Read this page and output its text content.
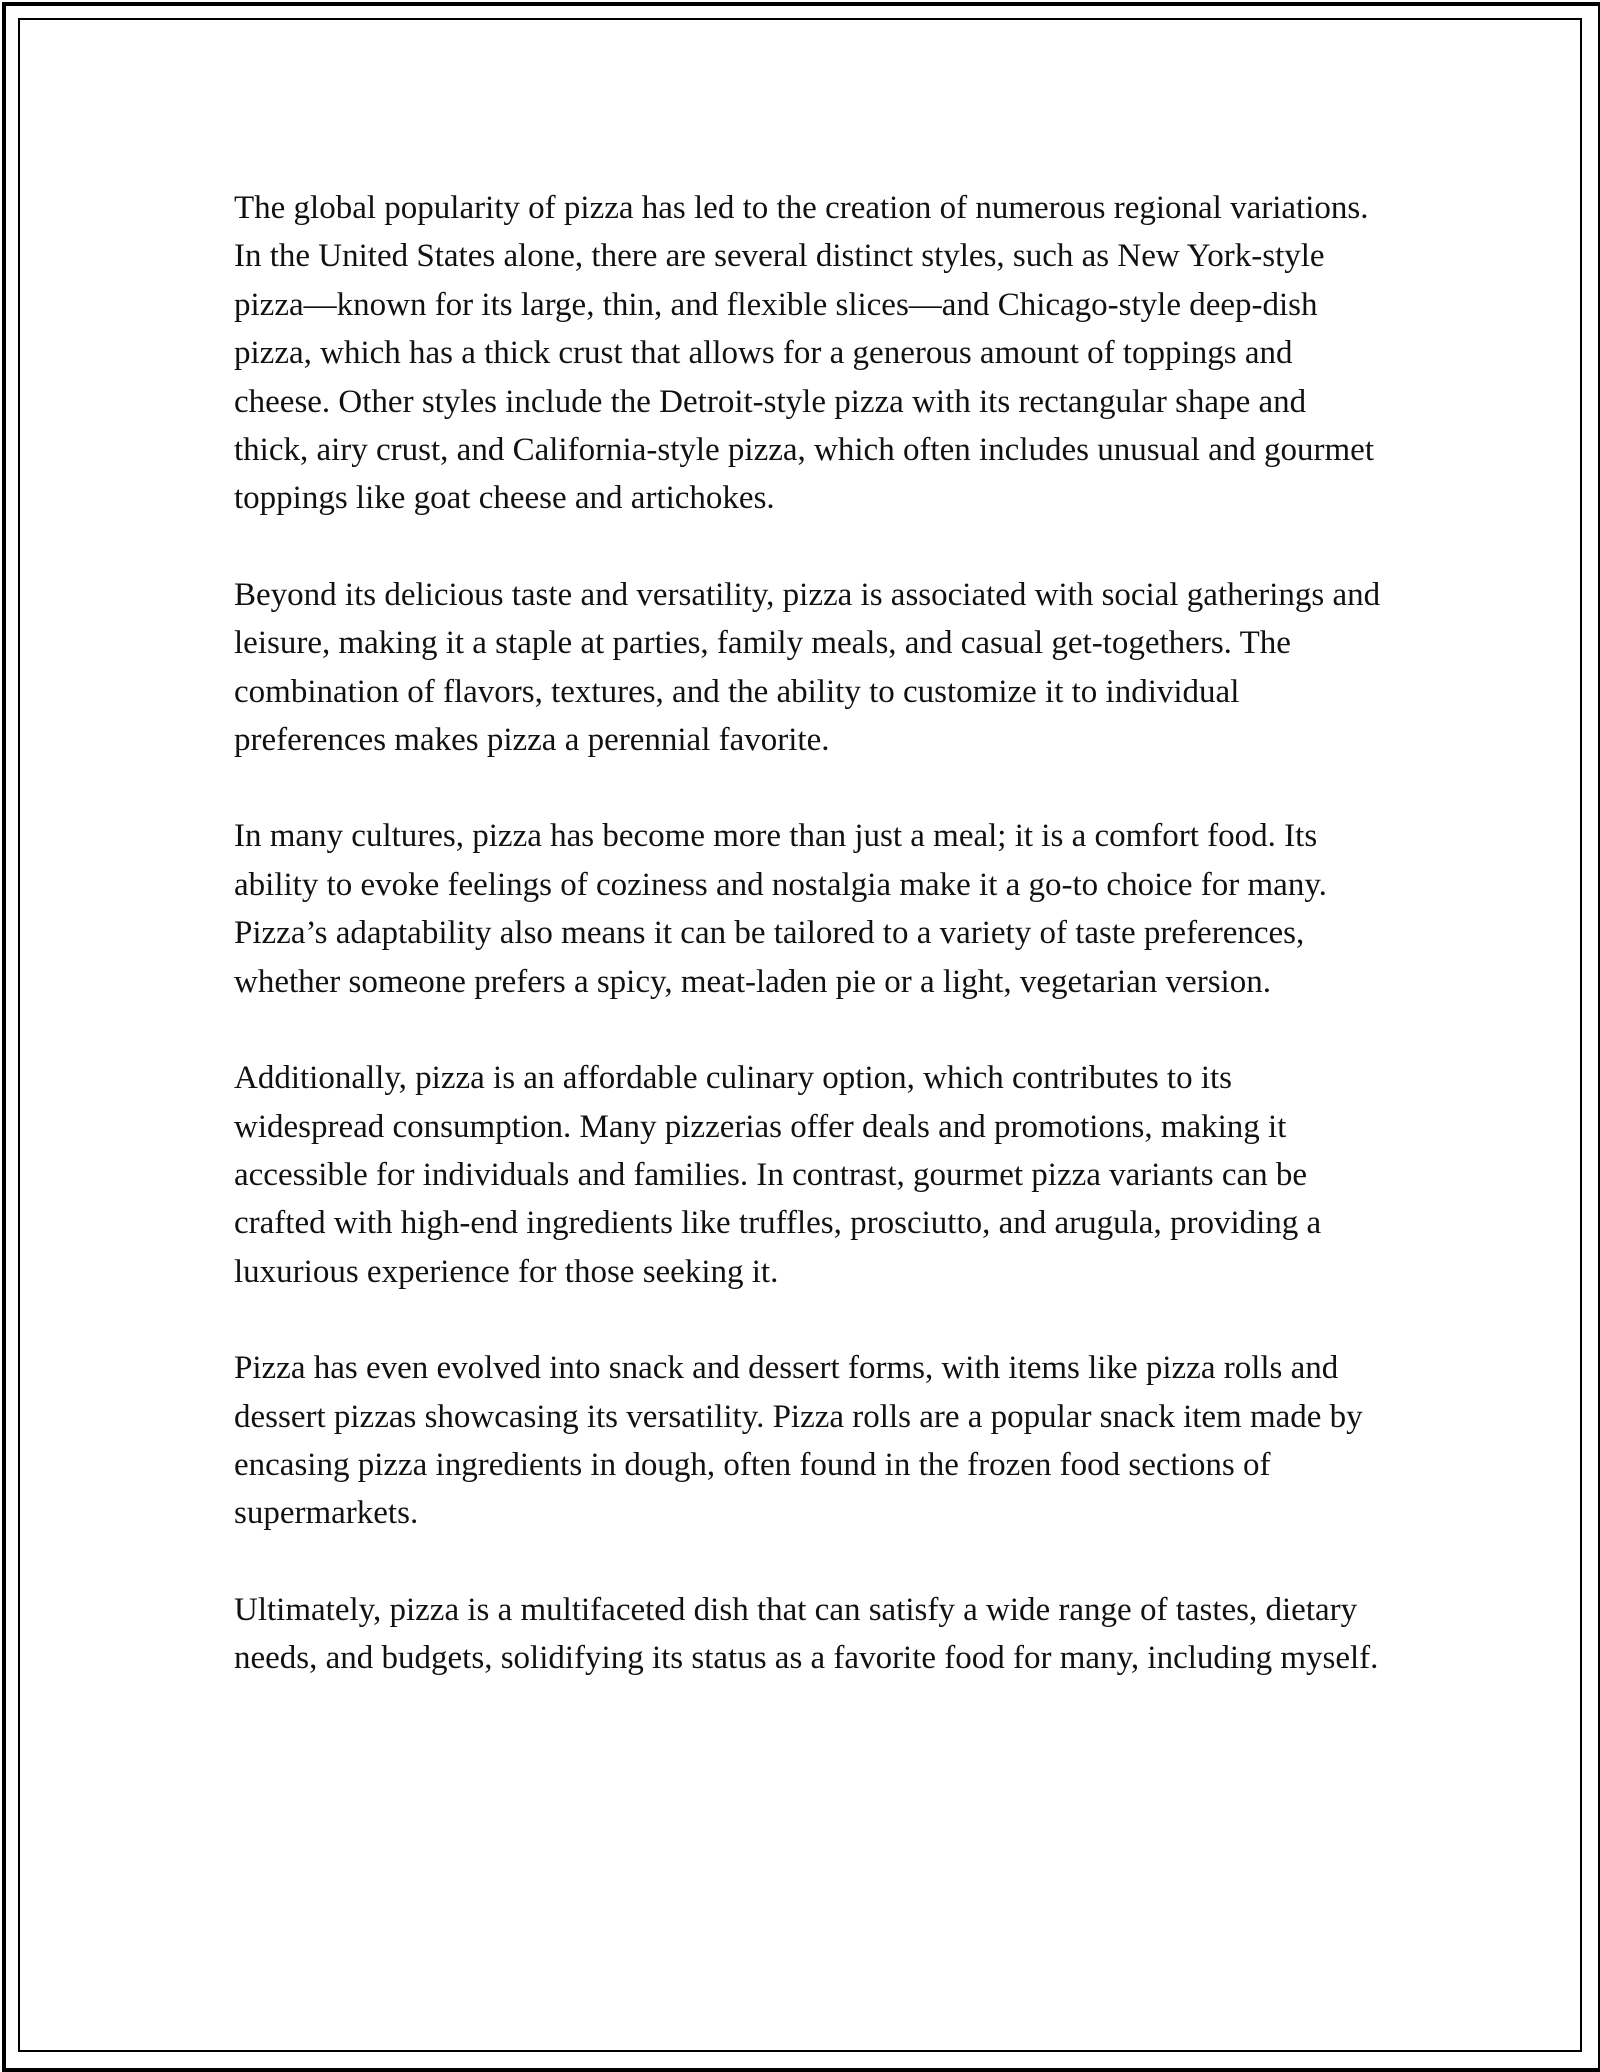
The global popularity of pizza has led to the creation of numerous regional variations. In the United States alone, there are several distinct styles, such as New York-style pizza—known for its large, thin, and flexible slices—and Chicago-style deep-dish pizza, which has a thick crust that allows for a generous amount of toppings and cheese. Other styles include the Detroit-style pizza with its rectangular shape and thick, airy crust, and California-style pizza, which often includes unusual and gourmet toppings like goat cheese and artichokes.

Beyond its delicious taste and versatility, pizza is associated with social gatherings and leisure, making it a staple at parties, family meals, and casual get-togethers. The combination of flavors, textures, and the ability to customize it to individual preferences makes pizza a perennial favorite.

In many cultures, pizza has become more than just a meal; it is a comfort food. Its ability to evoke feelings of coziness and nostalgia make it a go-to choice for many. Pizza’s adaptability also means it can be tailored to a variety of taste preferences, whether someone prefers a spicy, meat-laden pie or a light, vegetarian version.

Additionally, pizza is an affordable culinary option, which contributes to its widespread consumption. Many pizzerias offer deals and promotions, making it accessible for individuals and families. In contrast, gourmet pizza variants can be crafted with high-end ingredients like truffles, prosciutto, and arugula, providing a luxurious experience for those seeking it.

Pizza has even evolved into snack and dessert forms, with items like pizza rolls and dessert pizzas showcasing its versatility. Pizza rolls are a popular snack item made by encasing pizza ingredients in dough, often found in the frozen food sections of supermarkets.

Ultimately, pizza is a multifaceted dish that can satisfy a wide range of tastes, dietary needs, and budgets, solidifying its status as a favorite food for many, including myself.
